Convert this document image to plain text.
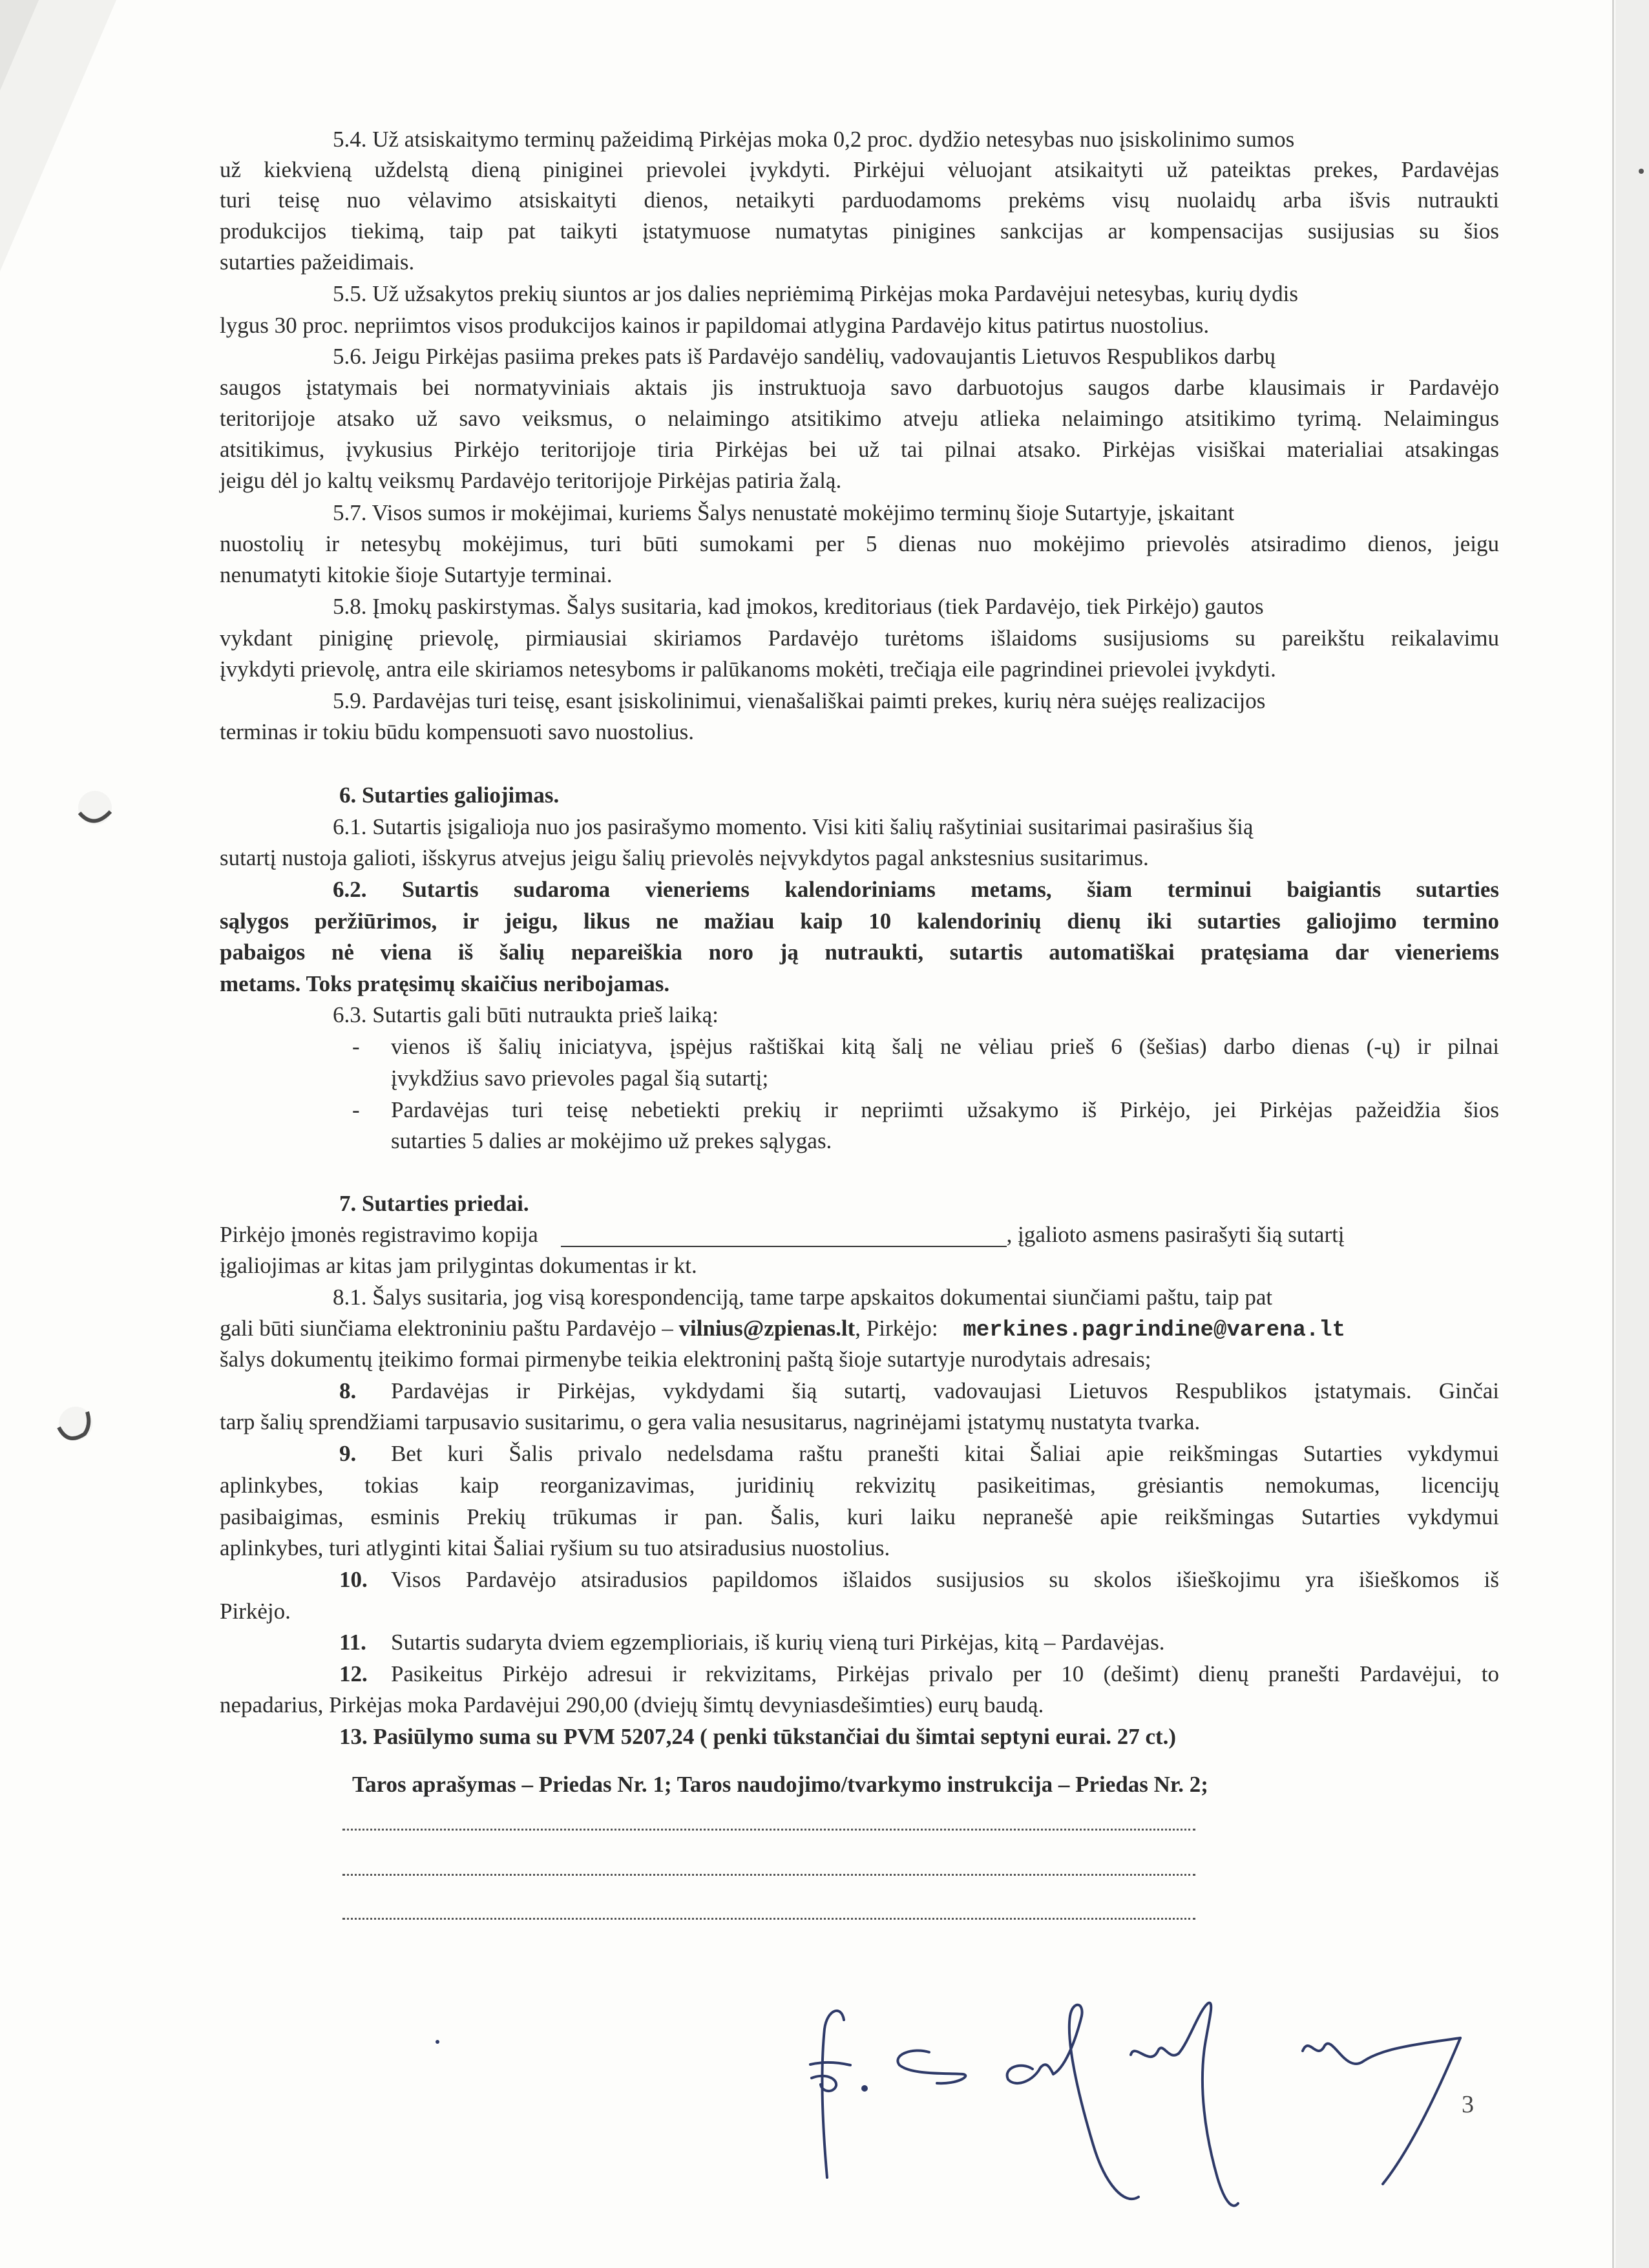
5.4. Už atsiskaitymo terminų pažeidimą Pirkėjas moka 0,2 proc. dydžio netesybas nuo įsiskolinimo sumos
už kiekvieną uždelstą dieną piniginei prievolei įvykdyti. Pirkėjui vėluojant atsikaityti už pateiktas prekes, Pardavėjas
turi teisę nuo vėlavimo atsiskaityti dienos, netaikyti parduodamoms prekėms visų nuolaidų arba išvis nutraukti
produkcijos tiekimą, taip pat taikyti įstatymuose numatytas pinigines sankcijas ar kompensacijas susijusias su šios
sutarties pažeidimais.
5.5. Už užsakytos prekių siuntos ar jos dalies nepriėmimą Pirkėjas moka Pardavėjui netesybas, kurių dydis
lygus 30 proc. nepriimtos visos produkcijos kainos ir papildomai atlygina Pardavėjo kitus patirtus nuostolius.
5.6. Jeigu Pirkėjas pasiima prekes pats iš Pardavėjo sandėlių, vadovaujantis Lietuvos Respublikos darbų
saugos įstatymais bei normatyviniais aktais jis instruktuoja savo darbuotojus saugos darbe klausimais ir Pardavėjo
teritorijoje atsako už savo veiksmus, o nelaimingo atsitikimo atveju atlieka nelaimingo atsitikimo tyrimą. Nelaimingus
atsitikimus, įvykusius Pirkėjo teritorijoje tiria Pirkėjas bei už tai pilnai atsako. Pirkėjas visiškai materialiai atsakingas
jeigu dėl jo kaltų veiksmų Pardavėjo teritorijoje Pirkėjas patiria žalą.
5.7. Visos sumos ir mokėjimai, kuriems Šalys nenustatė mokėjimo terminų šioje Sutartyje, įskaitant
nuostolių ir netesybų mokėjimus, turi būti sumokami per 5 dienas nuo mokėjimo prievolės atsiradimo dienos, jeigu
nenumatyti kitokie šioje Sutartyje terminai.
5.8. Įmokų paskirstymas. Šalys susitaria, kad įmokos, kreditoriaus (tiek Pardavėjo, tiek Pirkėjo) gautos
vykdant piniginę prievolę, pirmiausiai skiriamos Pardavėjo turėtoms išlaidoms susijusioms su pareikštu reikalavimu
įvykdyti prievolę, antra eile skiriamos netesyboms ir palūkanoms mokėti, trečiąja eile pagrindinei prievolei įvykdyti.
5.9. Pardavėjas turi teisę, esant įsiskolinimui, vienašališkai paimti prekes, kurių nėra suėjęs realizacijos
terminas ir tokiu būdu kompensuoti savo nuostolius.
6. Sutarties galiojimas.
6.1. Sutartis įsigalioja nuo jos pasirašymo momento. Visi kiti šalių rašytiniai susitarimai pasirašius šią
sutartį nustoja galioti, išskyrus atvejus jeigu šalių prievolės neįvykdytos pagal ankstesnius susitarimus.
6.2. Sutartis sudaroma vieneriems kalendoriniams metams, šiam terminui baigiantis sutarties
sąlygos peržiūrimos, ir jeigu, likus ne mažiau kaip 10 kalendorinių dienų iki sutarties galiojimo termino
pabaigos nė viena iš šalių nepareiškia noro ją nutraukti, sutartis automatiškai pratęsiama dar vieneriems
metams. Toks pratęsimų skaičius neribojamas.
6.3. Sutartis gali būti nutraukta prieš laiką:
- vienos iš šalių iniciatyva, įspėjus raštiškai kitą šalį ne vėliau prieš 6 (šešias) darbo dienas (-ų) ir pilnai
įvykdžius savo prievoles pagal šią sutartį;
- Pardavėjas turi teisę nebetiekti prekių ir nepriimti užsakymo iš Pirkėjo, jei Pirkėjas pažeidžia šios
sutarties 5 dalies ar mokėjimo už prekes sąlygas.
7. Sutarties priedai.
Pirkėjo įmonės registravimo kopija	, įgalioto asmens pasirašyti šią sutartį
įgaliojimas ar kitas jam prilygintas dokumentas ir kt.
8.1. Šalys susitaria, jog visą korespondenciją, tame tarpe apskaitos dokumentai siunčiami paštu, taip pat
gali būti siunčiama elektroniniu paštu Pardavėjo – vilnius@zpienas.lt, Pirkėjo: merkines.pagrindine@varena.lt
šalys dokumentų įteikimo formai pirmenybe teikia elektroninį paštą šioje sutartyje nurodytais adresais;
8. Pardavėjas ir Pirkėjas, vykdydami šią sutartį, vadovaujasi Lietuvos Respublikos įstatymais. Ginčai
tarp šalių sprendžiami tarpusavio susitarimu, o gera valia nesusitarus, nagrinėjami įstatymų nustatyta tvarka.
9. Bet kuri Šalis privalo nedelsdama raštu pranešti kitai Šaliai apie reikšmingas Sutarties vykdymui
aplinkybes, tokias kaip reorganizavimas, juridinių rekvizitų pasikeitimas, grėsiantis nemokumas, licencijų
pasibaigimas, esminis Prekių trūkumas ir pan. Šalis, kuri laiku nepranešė apie reikšmingas Sutarties vykdymui
aplinkybes, turi atlyginti kitai Šaliai ryšium su tuo atsiradusius nuostolius.
10. Visos Pardavėjo atsiradusios papildomos išlaidos susijusios su skolos išieškojimu yra išieškomos iš
Pirkėjo.
11. Sutartis sudaryta dviem egzemplioriais, iš kurių vieną turi Pirkėjas, kitą – Pardavėjas.
12. Pasikeitus Pirkėjo adresui ir rekvizitams, Pirkėjas privalo per 10 (dešimt) dienų pranešti Pardavėjui, to
nepadarius, Pirkėjas moka Pardavėjui 290,00 (dviejų šimtų devyniasdešimties) eurų baudą.
13. Pasiūlymo suma su PVM 5207,24 ( penki tūkstančiai du šimtai septyni eurai. 27 ct.)
Taros aprašymas – Priedas Nr. 1; Taros naudojimo/tvarkymo instrukcija – Priedas Nr. 2;
3
